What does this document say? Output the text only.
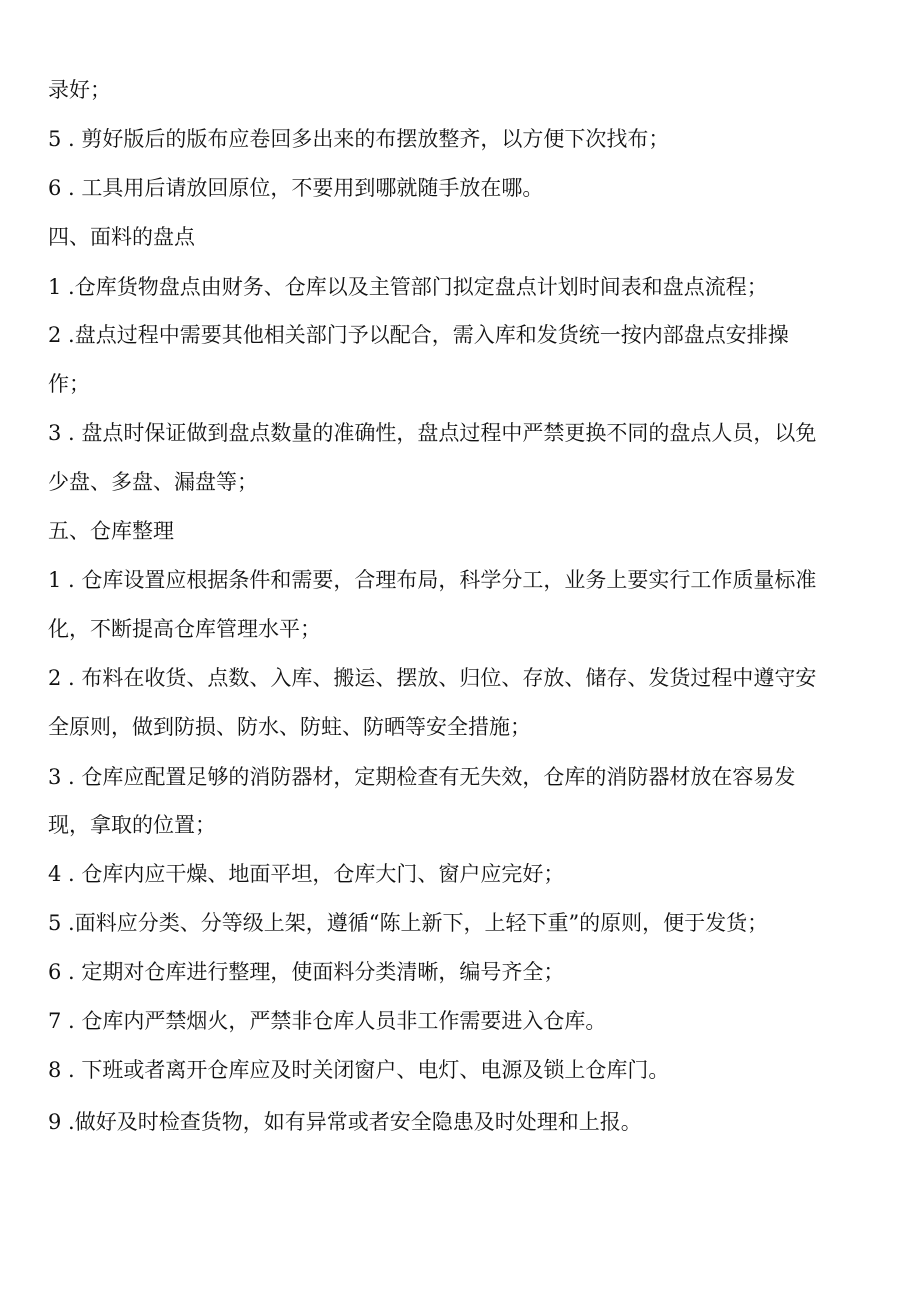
录好；
5 . 剪好版后的版布应卷回多出来的布摆放整齐，以方便下次找布；
6 . 工具用后请放回原位，不要用到哪就随手放在哪。
四、面料的盘点
1 .仓库货物盘点由财务、仓库以及主管部门拟定盘点计划时间表和盘点流程；
2 .盘点过程中需要其他相关部门予以配合，需入库和发货统一按内部盘点安排操
作；
3 . 盘点时保证做到盘点数量的准确性，盘点过程中严禁更换不同的盘点人员，以免
少盘、多盘、漏盘等；
五、仓库整理
1 . 仓库设置应根据条件和需要，合理布局，科学分工，业务上要实行工作质量标准
化，不断提高仓库管理水平；
2 . 布料在收货、点数、入库、搬运、摆放、归位、存放、储存、发货过程中遵守安
全原则，做到防损、防水、防蛀、防晒等安全措施；
3 . 仓库应配置足够的消防器材，定期检查有无失效，仓库的消防器材放在容易发
现，拿取的位置；
4 . 仓库内应干燥、地面平坦，仓库大门、窗户应完好；
5 .面料应分类、分等级上架，遵循“陈上新下，上轻下重”的原则，便于发货；
6 . 定期对仓库进行整理，使面料分类清晰，编号齐全；
7 . 仓库内严禁烟火，严禁非仓库人员非工作需要进入仓库。
8 . 下班或者离开仓库应及时关闭窗户、电灯、电源及锁上仓库门。
9 .做好及时检查货物，如有异常或者安全隐患及时处理和上报。
